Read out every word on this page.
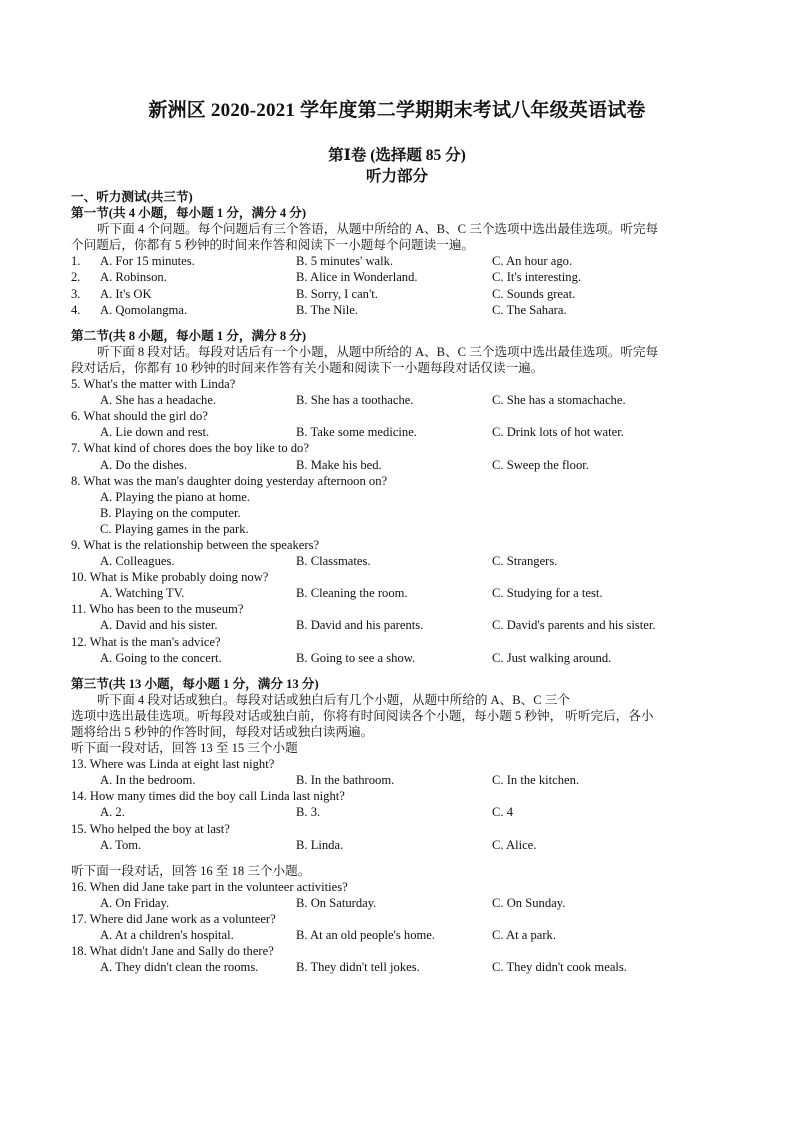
新洲区 2020-2021 学年度第二学期期末考试八年级英语试卷
第Ⅰ卷 (选择题 85 分)
听力部分
一、听力测试(共三节)
第一节(共 4 小题，每小题 1 分，满分 4 分)
听下面 4 个问题。每个问题后有三个答语，从题中所给的 A、B、C 三个选项中选出最佳选项。听完每
个问题后，你都有 5 秒钟的时间来作答和阅读下一小题每个问题读一遍。
1. A. For 15 minutes.	B. 5 minutes' walk.	C. An hour ago.
2. A. Robinson.	B. Alice in Wonderland.	C. It's interesting.
3. A. It's OK	B. Sorry, I can't.	C. Sounds great.
4. A. Qomolangma.	B. The Nile.	C. The Sahara.
第二节(共 8 小题，每小题 1 分，满分 8 分)
听下面 8 段对话。每段对话后有一个小题，从题中所给的 A、B、C 三个选项中选出最佳选项。听完每
段对话后，你都有 10 秒钟的时间来作答有关小题和阅读下一小题每段对话仅读一遍。
5. What's the matter with Linda?
A. She has a headache.	B. She has a toothache.	C. She has a stomachache.
6. What should the girl do?
A. Lie down and rest.	B. Take some medicine.	C. Drink lots of hot water.
7. What kind of chores does the boy like to do?
A. Do the dishes.	B. Make his bed.	C. Sweep the floor.
8. What was the man's daughter doing yesterday afternoon on?
A. Playing the piano at home.
B. Playing on the computer.
C. Playing games in the park.
9. What is the relationship between the speakers?
A. Colleagues.	B. Classmates.	C. Strangers.
10. What is Mike probably doing now?
A. Watching TV.	B. Cleaning the room.	C. Studying for a test.
11. Who has been to the museum?
A. David and his sister.	B. David and his parents.	C. David's parents and his sister.
12. What is the man's advice?
A. Going to the concert.	B. Going to see a show.	C. Just walking around.
第三节(共 13 小题，每小题 1 分，满分 13 分)
听下面 4 段对话或独白。每段对话或独白后有几个小题，从题中所给的 A、B、C 三个
选项中选出最佳选项。听每段对话或独白前，你将有时间阅读各个小题，每小题 5 秒钟， 听听完后，各小
题将给出 5 秒钟的作答时间，每段对话或独白读两遍。
听下面一段对话，回答 13 至 15 三个小题
13. Where was Linda at eight last night?
A. In the bedroom.	B. In the bathroom.	C. In the kitchen.
14. How many times did the boy call Linda last night?
A. 2.	B. 3.	C. 4
15. Who helped the boy at last?
A. Tom.	B. Linda.	C. Alice.
听下面一段对话，回答 16 至 18 三个小题。
16. When did Jane take part in the volunteer activities?
A. On Friday.	B. On Saturday.	C. On Sunday.
17. Where did Jane work as a volunteer?
A. At a children's hospital.	B. At an old people's home.	C. At a park.
18. What didn't Jane and Sally do there?
A. They didn't clean the rooms.	B. They didn't tell jokes.	C. They didn't cook meals.
